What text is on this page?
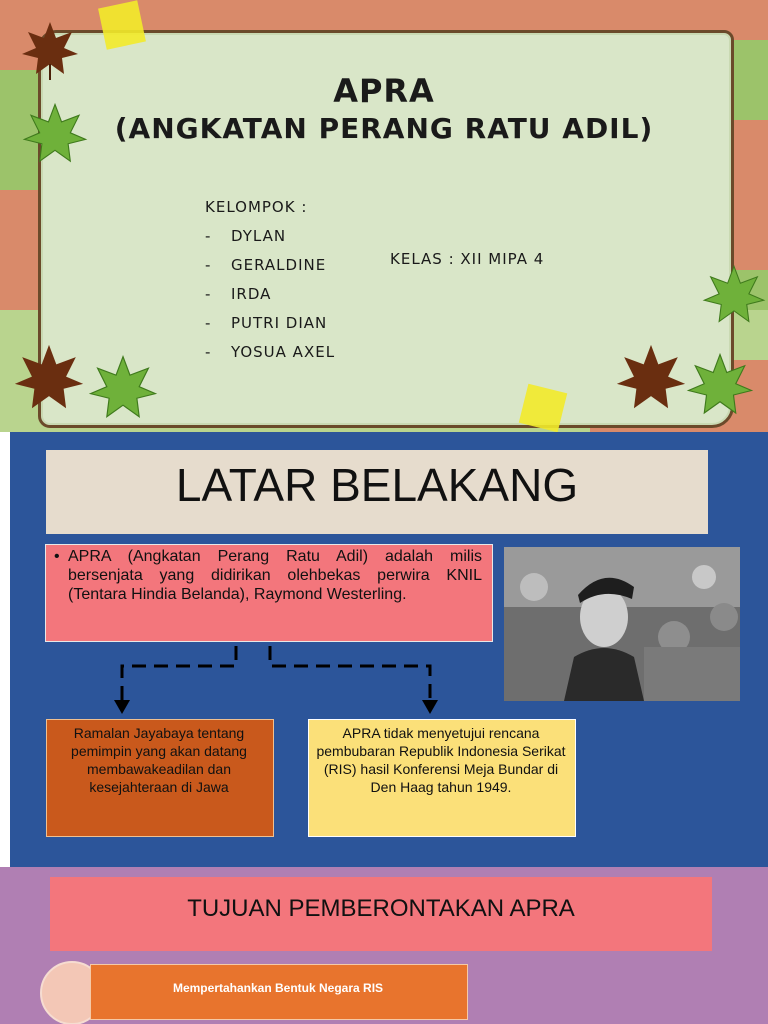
APRA
(ANGKATAN PERANG RATU ADIL)
KELOMPOK :
- DYLAN
- GERALDINE
- IRDA
- PUTRI DIAN
- YOSUA AXEL
KELAS : XII MIPA 4
LATAR BELAKANG
• APRA (Angkatan Perang Ratu Adil) adalah milis bersenjata yang didirikan olehbekas perwira KNIL (Tentara Hindia Belanda), Raymond Westerling.
Ramalan Jayabaya tentang pemimpin yang akan datang membawakeadilan dan kesejahteraan di Jawa
APRA tidak menyetujui rencana pembubaran Republik Indonesia Serikat (RIS) hasil Konferensi Meja Bundar di Den Haag tahun 1949.
TUJUAN PEMBERONTAKAN APRA
Mempertahankan Bentuk Negara RIS
